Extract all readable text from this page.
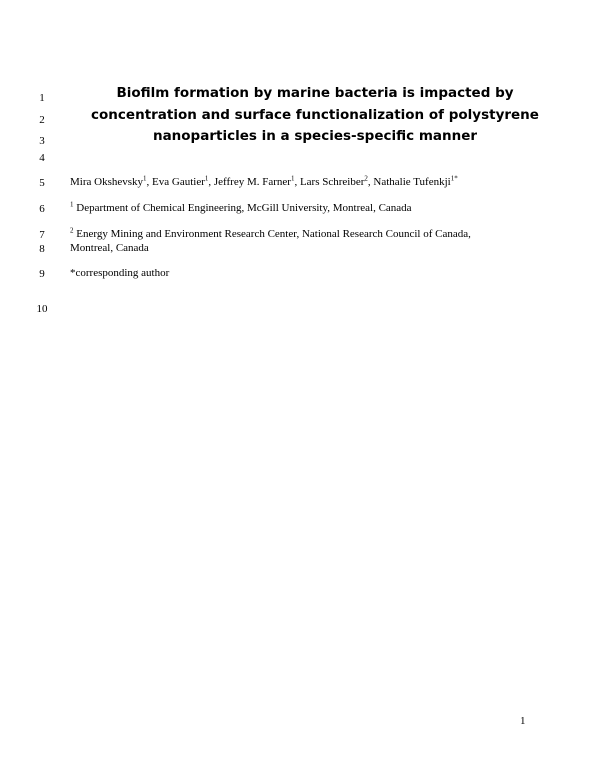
1
2
3
4
5
6
7
8
9
10
Biofilm formation by marine bacteria is impacted by
concentration and surface functionalization of polystyrene
nanoparticles in a species-specific manner
Mira Okshevsky$^1$, Eva Gautier$^1$, Jeffrey M. Farner$^1$, Lars Schreiber$^2$, Nathalie Tufenkji$^{1*}$
$^1$ Department of Chemical Engineering, McGill University, Montreal, Canada
$^2$ Energy Mining and Environment Research Center, National Research Council of Canada,
Montreal, Canada
*corresponding author
1
